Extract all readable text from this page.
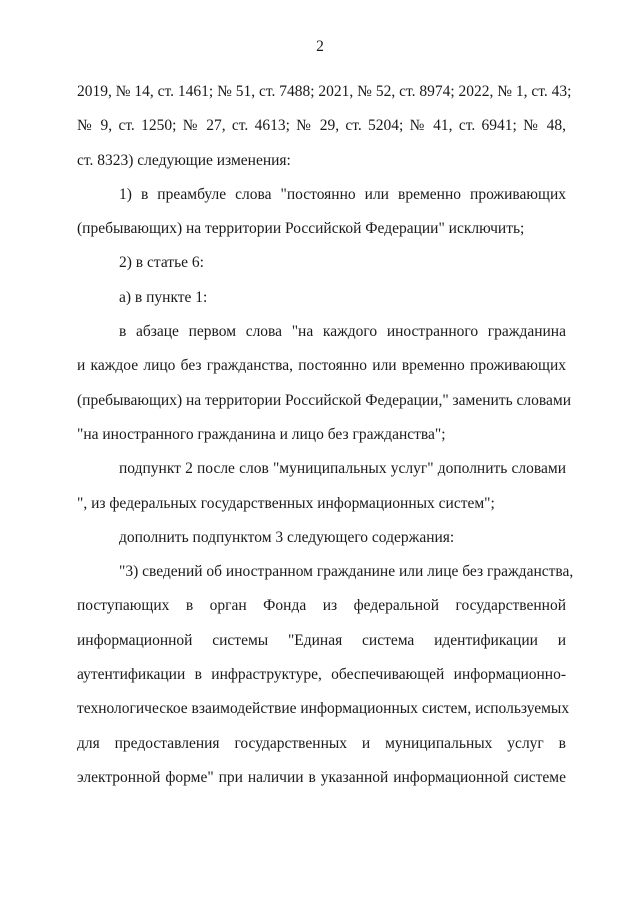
2
2019, № 14, ст. 1461; № 51, ст. 7488; 2021, № 52, ст. 8974; 2022, № 1, ст. 43;
№ 9, ст. 1250; № 27, ст. 4613; № 29, ст. 5204; № 41, ст. 6941; № 48,
ст. 8323) следующие изменения:
1) в преамбуле слова "постоянно или временно проживающих
(пребывающих) на территории Российской Федерации" исключить;
2) в статье 6:
а) в пункте 1:
в абзаце первом слова "на каждого иностранного гражданина
и каждое лицо без гражданства, постоянно или временно проживающих
(пребывающих) на территории Российской Федерации," заменить словами
"на иностранного гражданина и лицо без гражданства";
подпункт 2 после слов "муниципальных услуг" дополнить словами
", из федеральных государственных информационных систем";
дополнить подпунктом 3 следующего содержания:
"3) сведений об иностранном гражданине или лице без гражданства,
поступающих в орган Фонда из федеральной государственной
информационной системы "Единая система идентификации и
аутентификации в инфраструктуре, обеспечивающей информационно-
технологическое взаимодействие информационных систем, используемых
для предоставления государственных и муниципальных услуг в
электронной форме" при наличии в указанной информационной системе
